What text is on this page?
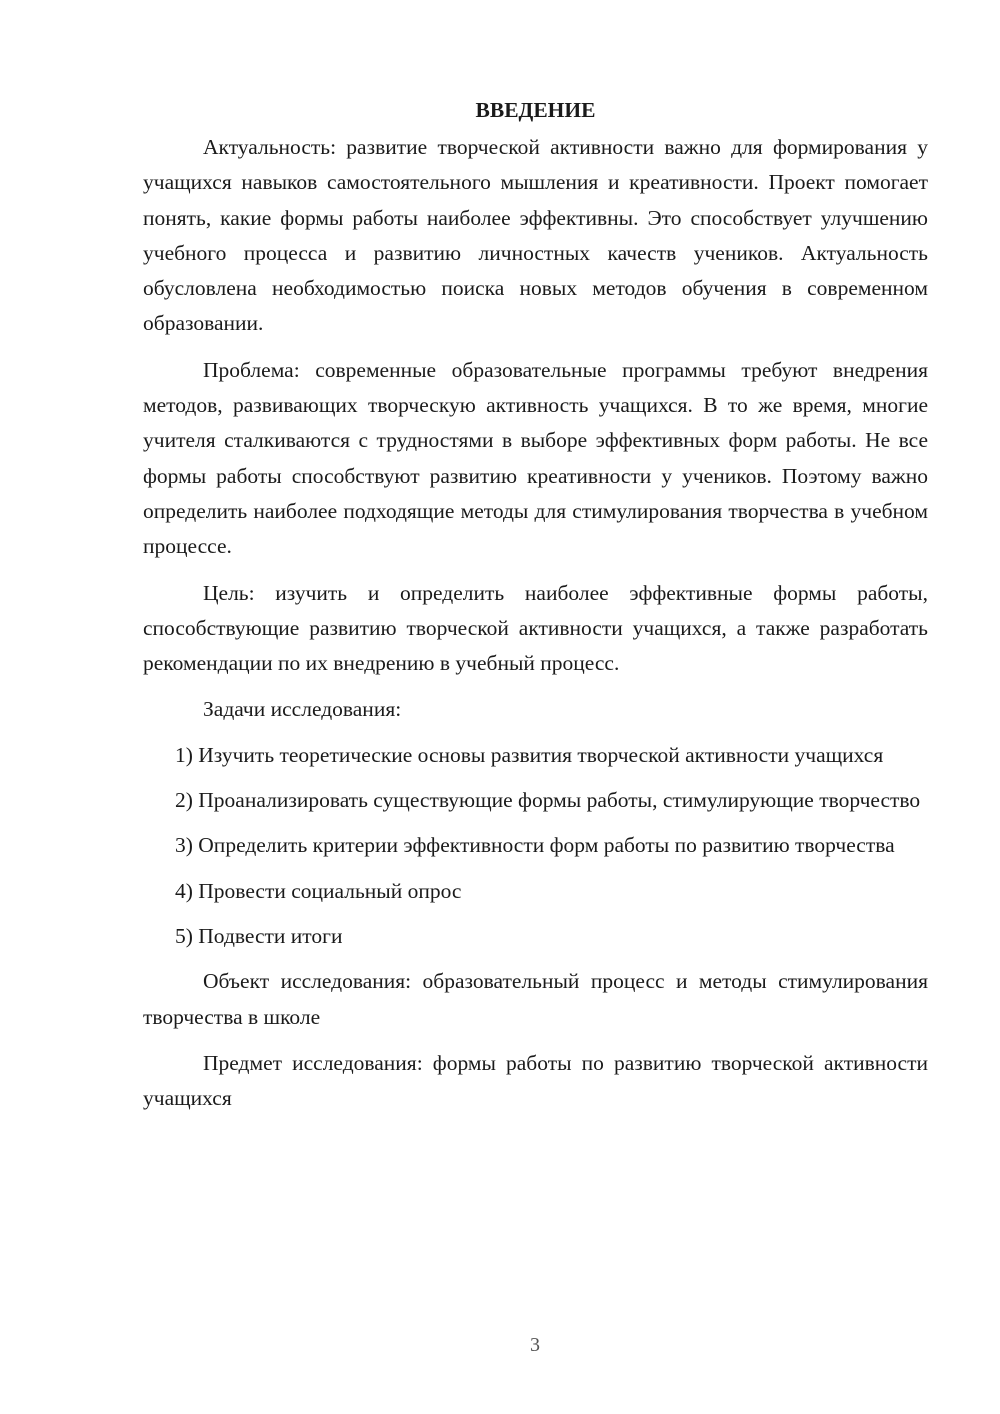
ВВЕДЕНИЕ

Актуальность: развитие творческой активности важно для формирования у учащихся навыков самостоятельного мышления и креативности. Проект помогает понять, какие формы работы наиболее эффективны. Это способствует улучшению учебного процесса и развитию личностных качеств учеников. Актуальность обусловлена необходимостью поиска новых методов обучения в современном образовании.

Проблема: современные образовательные программы требуют внедрения методов, развивающих творческую активность учащихся. В то же время, многие учителя сталкиваются с трудностями в выборе эффективных форм работы. Не все формы работы способствуют развитию креативности у учеников. Поэтому важно определить наиболее подходящие методы для стимулирования творчества в учебном процессе.

Цель: изучить и определить наиболее эффективные формы работы, способствующие развитию творческой активности учащихся, а также разработать рекомендации по их внедрению в учебный процесс.

Задачи исследования:

1) Изучить теоретические основы развития творческой активности учащихся

2) Проанализировать существующие формы работы, стимулирующие творчество

3) Определить критерии эффективности форм работы по развитию творчества

4) Провести социальный опрос

5) Подвести итоги

Объект исследования: образовательный процесс и методы стимулирования творчества в школе

Предмет исследования: формы работы по развитию творческой активности учащихся

3
